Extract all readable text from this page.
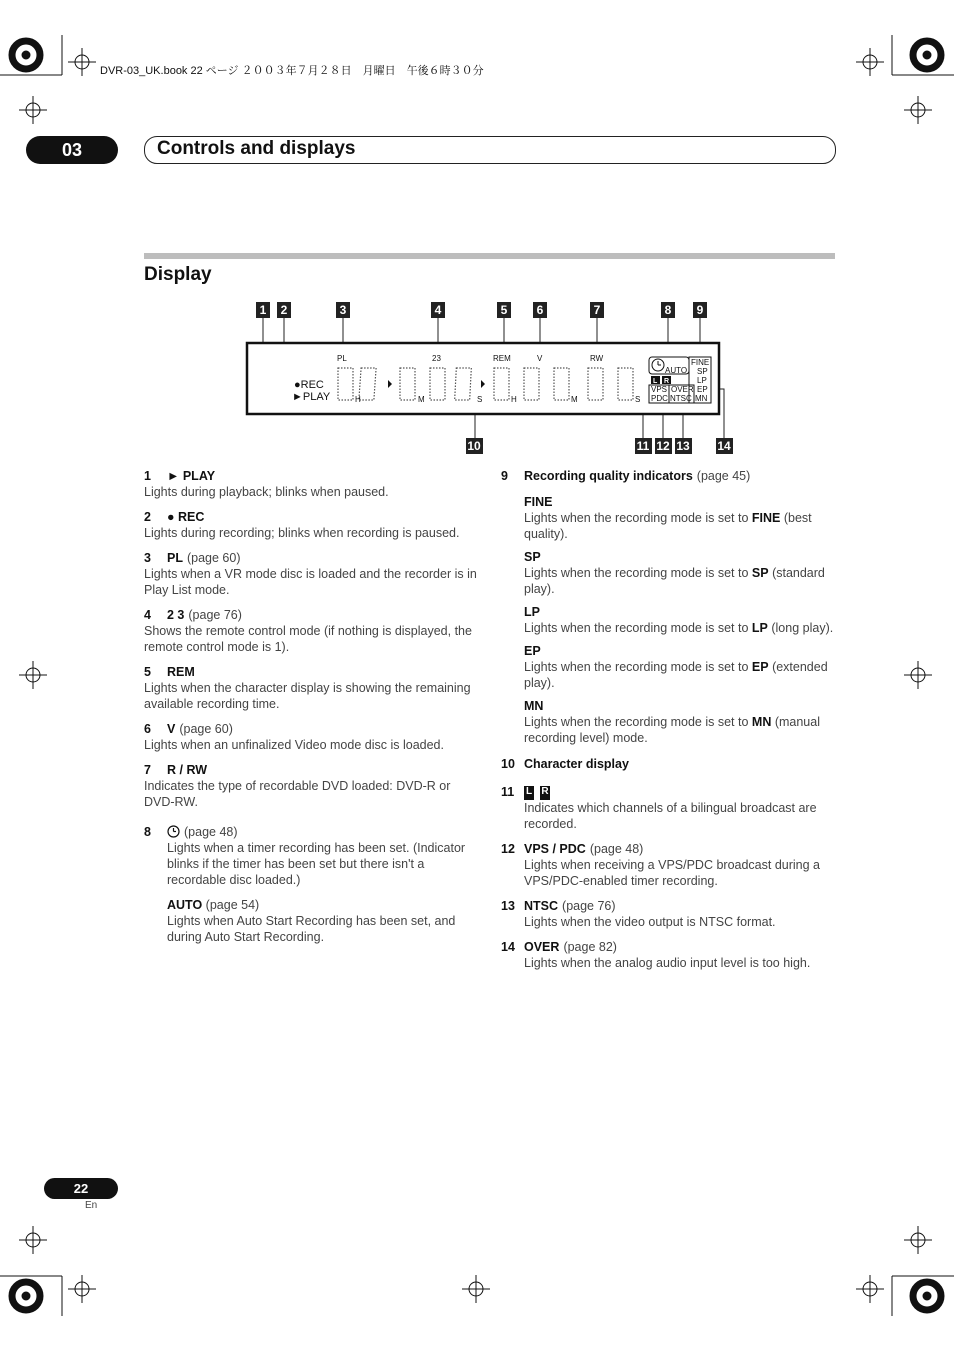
DVR-03_UK.book 22 ページ ２００３年７月２８日　月曜日　午後６時３０分
03	Controls and displays
Display
1 2	3	4	5 6	7	8 9
PL	23	REM	V	RW
●REC
►PLAY	H	M	S	H	M	S
AUTO
L R
VPS
PDC
OVER
NTSC
FINE
SP
LP
EP
MN
10	11 12 13 14
1	► PLAY
Lights during playback; blinks when paused.
2	● REC
Lights during recording; blinks when recording is paused.
3	PL (page 60)
Lights when a VR mode disc is loaded and the recorder is in Play List mode.
4	2 3 (page 76)
Shows the remote control mode (if nothing is displayed, the remote control mode is 1).
5	REM
Lights when the character display is showing the remaining available recording time.
6	V (page 60)
Lights when an unfinalized Video mode disc is loaded.
7	R / RW
Indicates the type of recordable DVD loaded: DVD-R or DVD-RW.
8	(page 48)
Lights when a timer recording has been set. (Indicator blinks if the timer has been set but there isn't a recordable disc loaded.)
AUTO (page 54)
Lights when Auto Start Recording has been set, and during Auto Start Recording.
9	Recording quality indicators (page 45)
FINE
Lights when the recording mode is set to FINE (best quality).
SP
Lights when the recording mode is set to SP (standard play).
LP
Lights when the recording mode is set to LP (long play).
EP
Lights when the recording mode is set to EP (extended play).
MN
Lights when the recording mode is set to MN (manual recording level) mode.
10 Character display
11	L R
Indicates which channels of a bilingual broadcast are recorded.
12 VPS / PDC (page 48)
Lights when receiving a VPS/PDC broadcast during a VPS/PDC-enabled timer recording.
13 NTSC (page 76)
Lights when the video output is NTSC format.
14 OVER (page 82)
Lights when the analog audio input level is too high.
22
En
